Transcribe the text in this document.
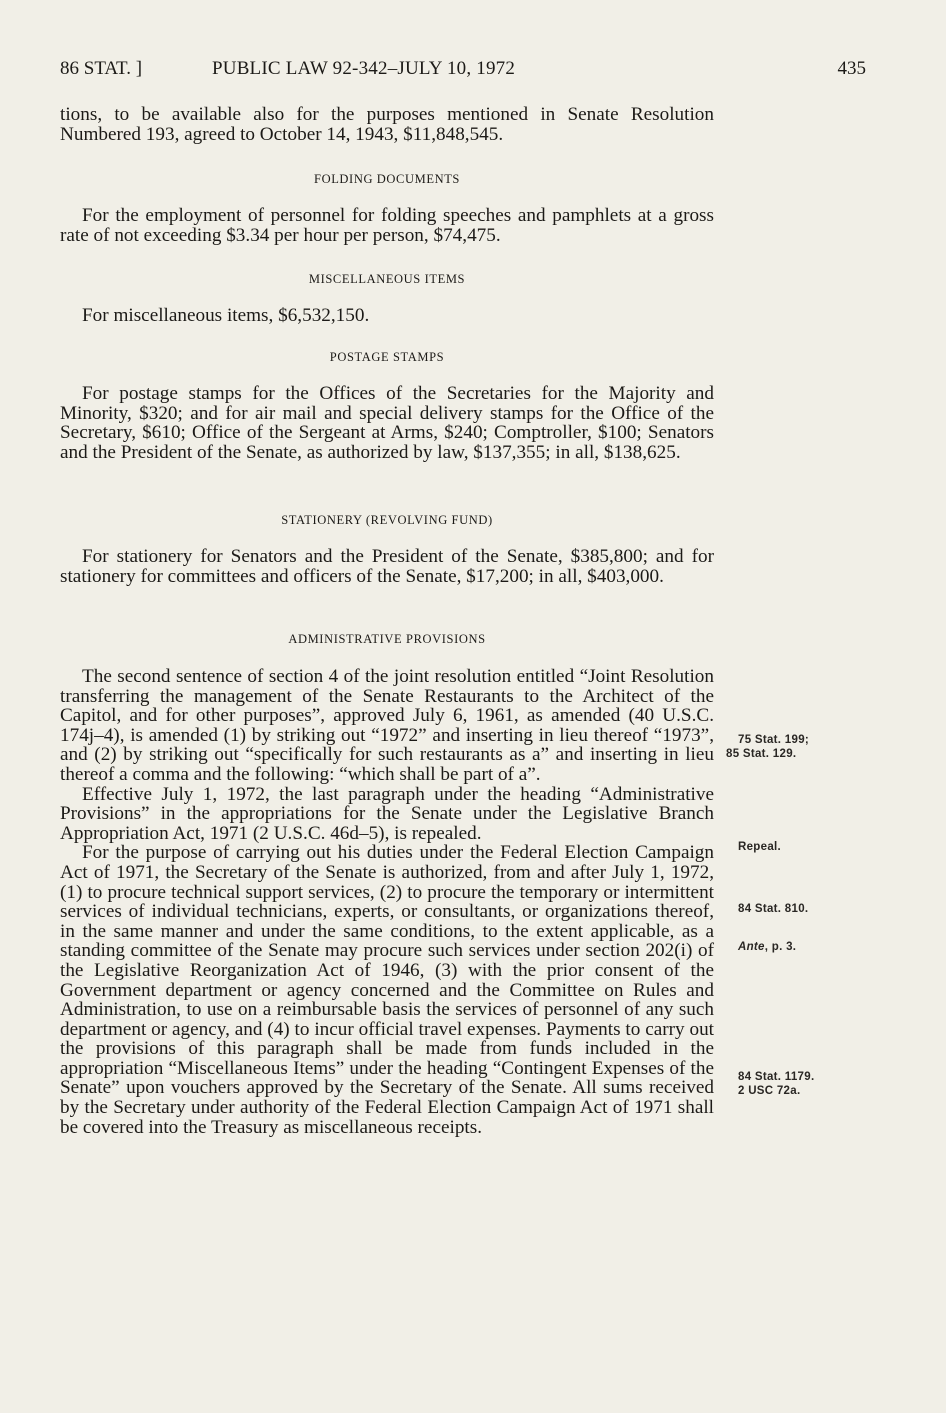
86 STAT. ]	PUBLIC LAW 92-342–JULY 10, 1972	435

tions, to be available also for the purposes mentioned in Senate Resolution Numbered 193, agreed to October 14, 1943, $11,848,545.

FOLDING DOCUMENTS

For the employment of personnel for folding speeches and pamphlets at a gross rate of not exceeding $3.34 per hour per person, $74,475.

MISCELLANEOUS ITEMS

For miscellaneous items, $6,532,150.

POSTAGE STAMPS

For postage stamps for the Offices of the Secretaries for the Majority and Minority, $320; and for air mail and special delivery stamps for the Office of the Secretary, $610; Office of the Sergeant at Arms, $240; Comptroller, $100; Senators and the President of the Senate, as authorized by law, $137,355; in all, $138,625.

STATIONERY (REVOLVING FUND)

For stationery for Senators and the President of the Senate, $385,800; and for stationery for committees and officers of the Senate, $17,200; in all, $403,000.

ADMINISTRATIVE PROVISIONS

The second sentence of section 4 of the joint resolution entitled “Joint Resolution transferring the management of the Senate Restaurants to the Architect of the Capitol, and for other purposes”, approved July 6, 1961, as amended (40 U.S.C. 174j–4), is amended (1) by striking out “1972” and inserting in lieu thereof “1973”, and (2) by striking out “specifically for such restaurants as a” and inserting in lieu thereof a comma and the following: “which shall be part of a”.

Effective July 1, 1972, the last paragraph under the heading “Administrative Provisions” in the appropriations for the Senate under the Legislative Branch Appropriation Act, 1971 (2 U.S.C. 46d–5), is repealed.

For the purpose of carrying out his duties under the Federal Election Campaign Act of 1971, the Secretary of the Senate is authorized, from and after July 1, 1972, (1) to procure technical support services, (2) to procure the temporary or intermittent services of individual technicians, experts, or consultants, or organizations thereof, in the same manner and under the same conditions, to the extent applicable, as a standing committee of the Senate may procure such services under section 202(i) of the Legislative Reorganization Act of 1946, (3) with the prior consent of the Government department or agency concerned and the Committee on Rules and Administration, to use on a reimbursable basis the services of personnel of any such department or agency, and (4) to incur official travel expenses. Payments to carry out the provisions of this paragraph shall be made from funds included in the appropriation “Miscellaneous Items” under the heading “Contingent Expenses of the Senate” upon vouchers approved by the Secretary of the Senate. All sums received by the Secretary under authority of the Federal Election Campaign Act of 1971 shall be covered into the Treasury as miscellaneous receipts.

75 Stat. 199;
85 Stat. 129.
Repeal.
84 Stat. 810.
Ante, p. 3.
84 Stat. 1179.
2 USC 72a.
